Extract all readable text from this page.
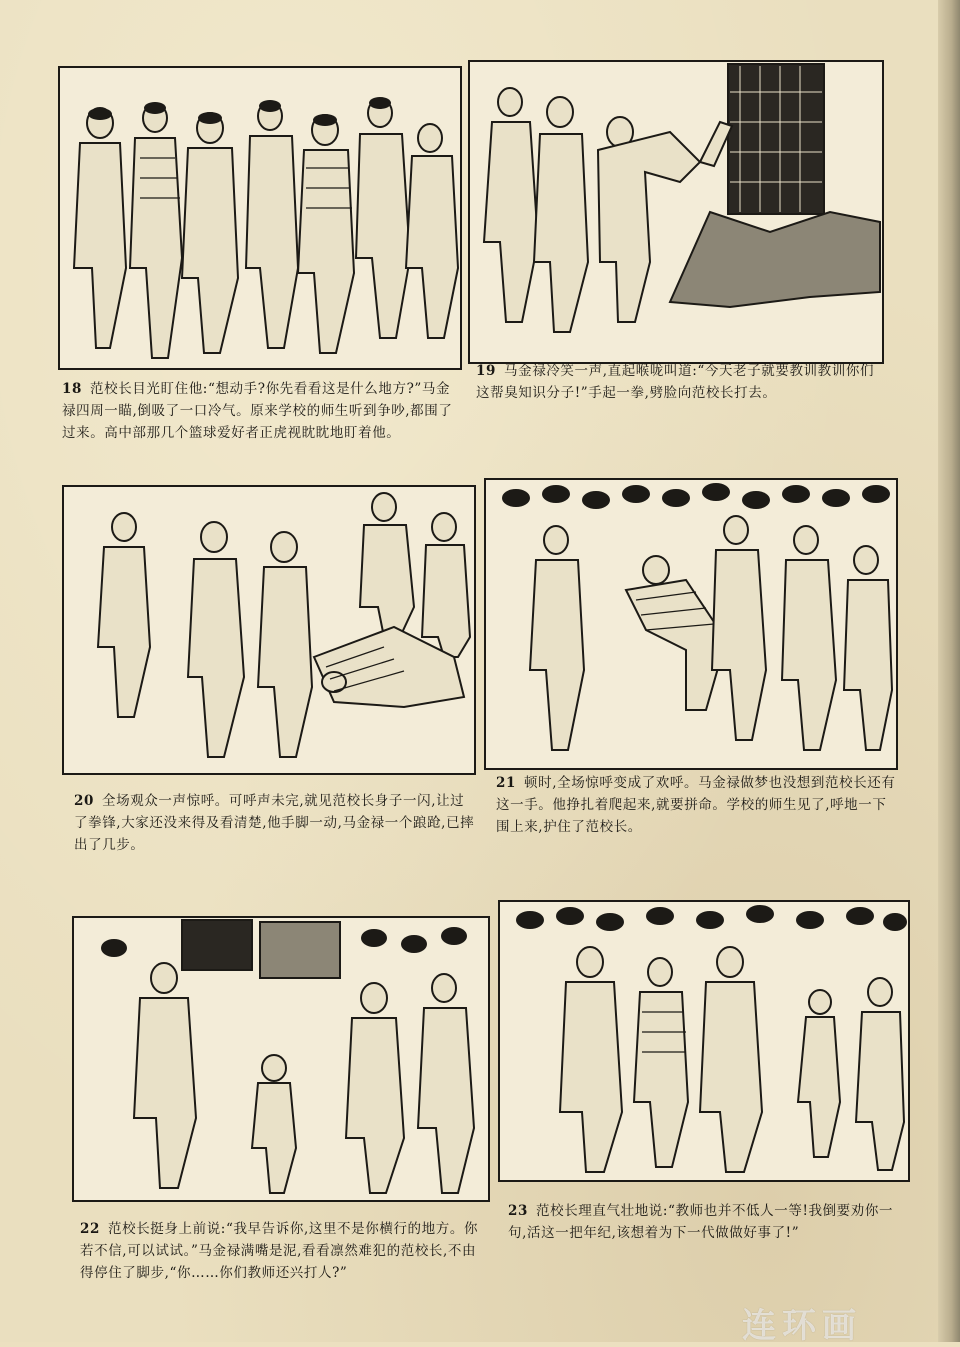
18 范校长目光盯住他:“想动手?你先看看这是什么地方?”马金禄四周一瞄,倒吸了一口冷气。原来学校的师生听到争吵,都围了过来。高中部那几个篮球爱好者正虎视眈眈地盯着他。
19 马金禄冷笑一声,直起喉咙叫道:“今天老子就要教训教训你们这帮臭知识分子!”手起一拳,劈脸向范校长打去。
20 全场观众一声惊呼。可呼声未完,就见范校长身子一闪,让过了拳锋,大家还没来得及看清楚,他手脚一动,马金禄一个踉跄,已摔出了几步。
21 顿时,全场惊呼变成了欢呼。马金禄做梦也没想到范校长还有这一手。他挣扎着爬起来,就要拼命。学校的师生见了,呼地一下围上来,护住了范校长。
22 范校长挺身上前说:“我早告诉你,这里不是你横行的地方。你若不信,可以试试。”马金禄满嘴是泥,看看凛然难犯的范校长,不由得停住了脚步,“你……你们教师还兴打人?”
23 范校长理直气壮地说:“教师也并不低人一等!我倒要劝你一句,活这一把年纪,该想着为下一代做做好事了!”
连环画
